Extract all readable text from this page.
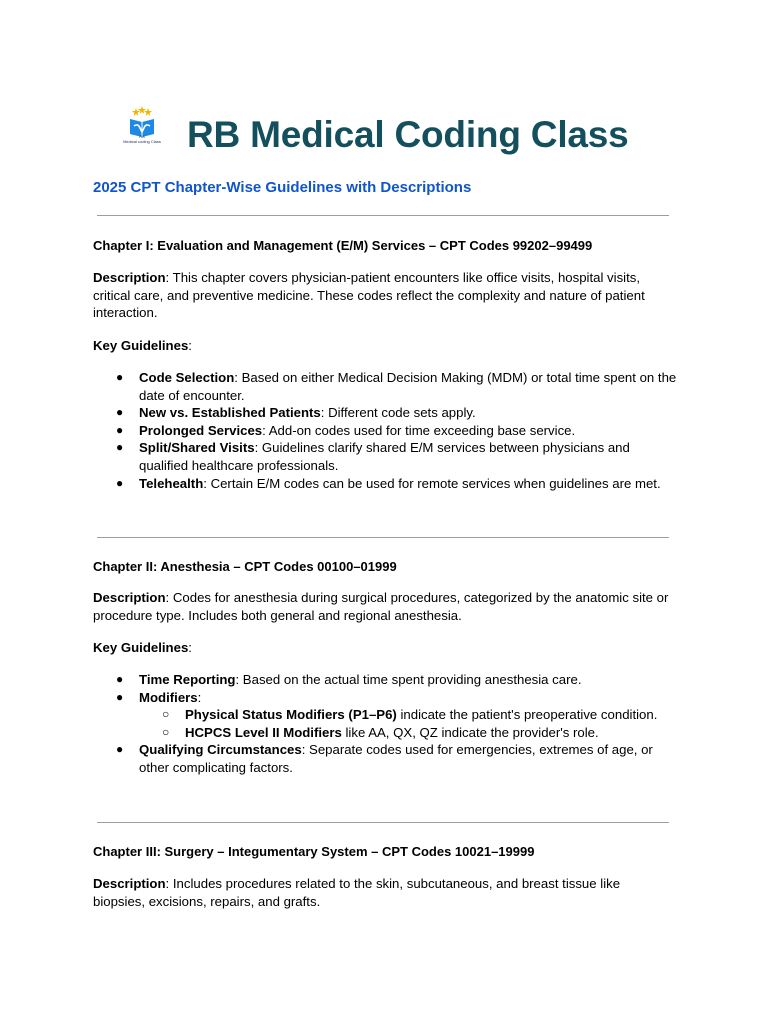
RB
Medical coding Class RB Medical Coding Class
2025 CPT Chapter-Wise Guidelines with Descriptions
Chapter I: Evaluation and Management (E/M) Services – CPT Codes 99202–99499
Description: This chapter covers physician-patient encounters like office visits, hospital visits, critical care, and preventive medicine. These codes reflect the complexity and nature of patient interaction.
Key Guidelines:
● Code Selection: Based on either Medical Decision Making (MDM) or total time spent on the date of encounter.
● New vs. Established Patients: Different code sets apply.
● Prolonged Services: Add-on codes used for time exceeding base service.
● Split/Shared Visits: Guidelines clarify shared E/M services between physicians and qualified healthcare professionals.
● Telehealth: Certain E/M codes can be used for remote services when guidelines are met.
Chapter II: Anesthesia – CPT Codes 00100–01999
Description: Codes for anesthesia during surgical procedures, categorized by the anatomic site or procedure type. Includes both general and regional anesthesia.
Key Guidelines:
● Time Reporting: Based on the actual time spent providing anesthesia care.
● Modifiers:
○ Physical Status Modifiers (P1–P6) indicate the patient's preoperative condition.
○ HCPCS Level II Modifiers like AA, QX, QZ indicate the provider's role.
● Qualifying Circumstances: Separate codes used for emergencies, extremes of age, or other complicating factors.
Chapter III: Surgery – Integumentary System – CPT Codes 10021–19999
Description: Includes procedures related to the skin, subcutaneous, and breast tissue like biopsies, excisions, repairs, and grafts.
